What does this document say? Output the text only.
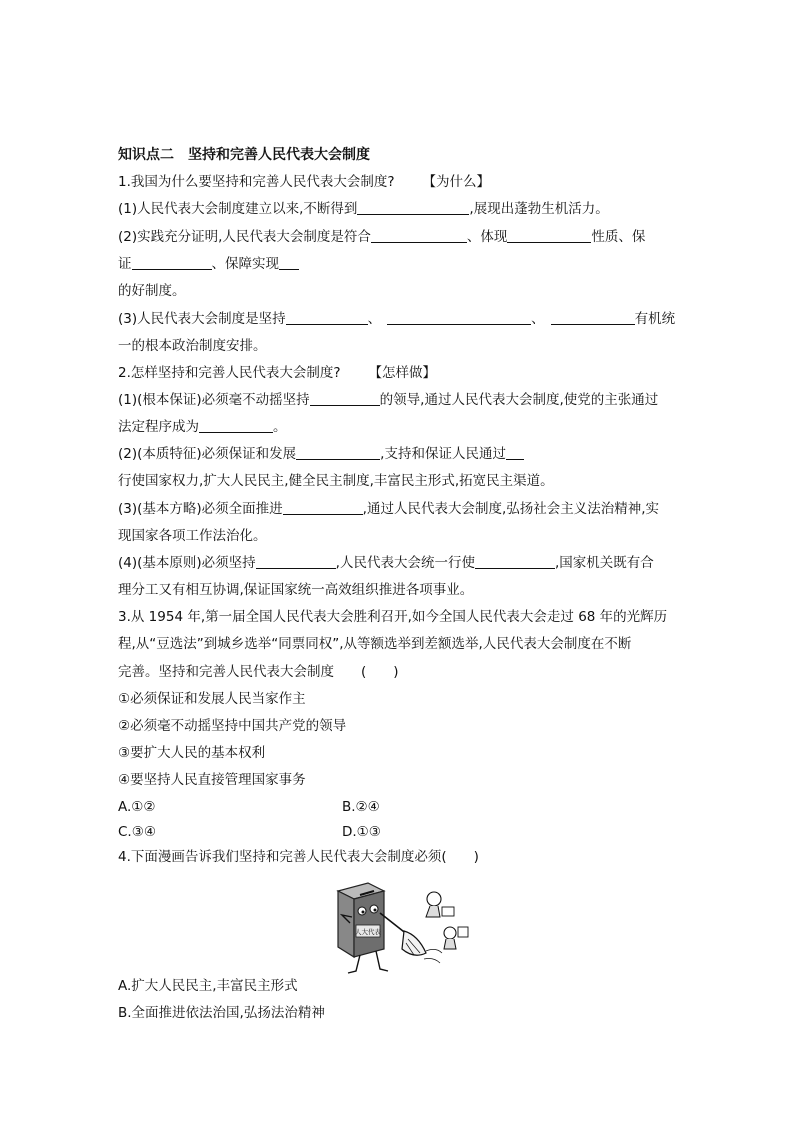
知识点二　坚持和完善人民代表大会制度
1.我国为什么要坚持和完善人民代表大会制度? 【为什么】
(1)人民代表大会制度建立以来,不断得到	,展现出蓬勃生机活力。
(2)实践充分证明,人民代表大会制度是符合	、体现	性质、保
证	、保障实现
的好制度。
(3)人民代表大会制度是坚持	、	、	有机统
一的根本政治制度安排。
2.怎样坚持和完善人民代表大会制度? 【怎样做】
(1)(根本保证)必须毫不动摇坚持	的领导,通过人民代表大会制度,使党的主张通过
法定程序成为	。
(2)(本质特征)必须保证和发展	,支持和保证人民通过
行使国家权力,扩大人民民主,健全民主制度,丰富民主形式,拓宽民主渠道。
(3)(基本方略)必须全面推进	,通过人民代表大会制度,弘扬社会主义法治精神,实
现国家各项工作法治化。
(4)(基本原则)必须坚持	,人民代表大会统一行使	,国家机关既有合
理分工又有相互协调,保证国家统一高效组织推进各项事业。
3.从 1954 年,第一届全国人民代表大会胜利召开,如今全国人民代表大会走过 68 年的光辉历
程,从“豆选法”到城乡选举“同票同权”,从等额选举到差额选举,人民代表大会制度在不断
完善。坚持和完善人民代表大会制度　　(　　)
①必须保证和发展人民当家作主
②必须毫不动摇坚持中国共产党的领导
③要扩大人民的基本权利
④要坚持人民直接管理国家事务
A.①②	B.②④
C.③④	D.①③
4.下面漫画告诉我们坚持和完善人民代表大会制度必须(　　)
人大代表
A.扩大人民民主,丰富民主形式
B.全面推进依法治国,弘扬法治精神
